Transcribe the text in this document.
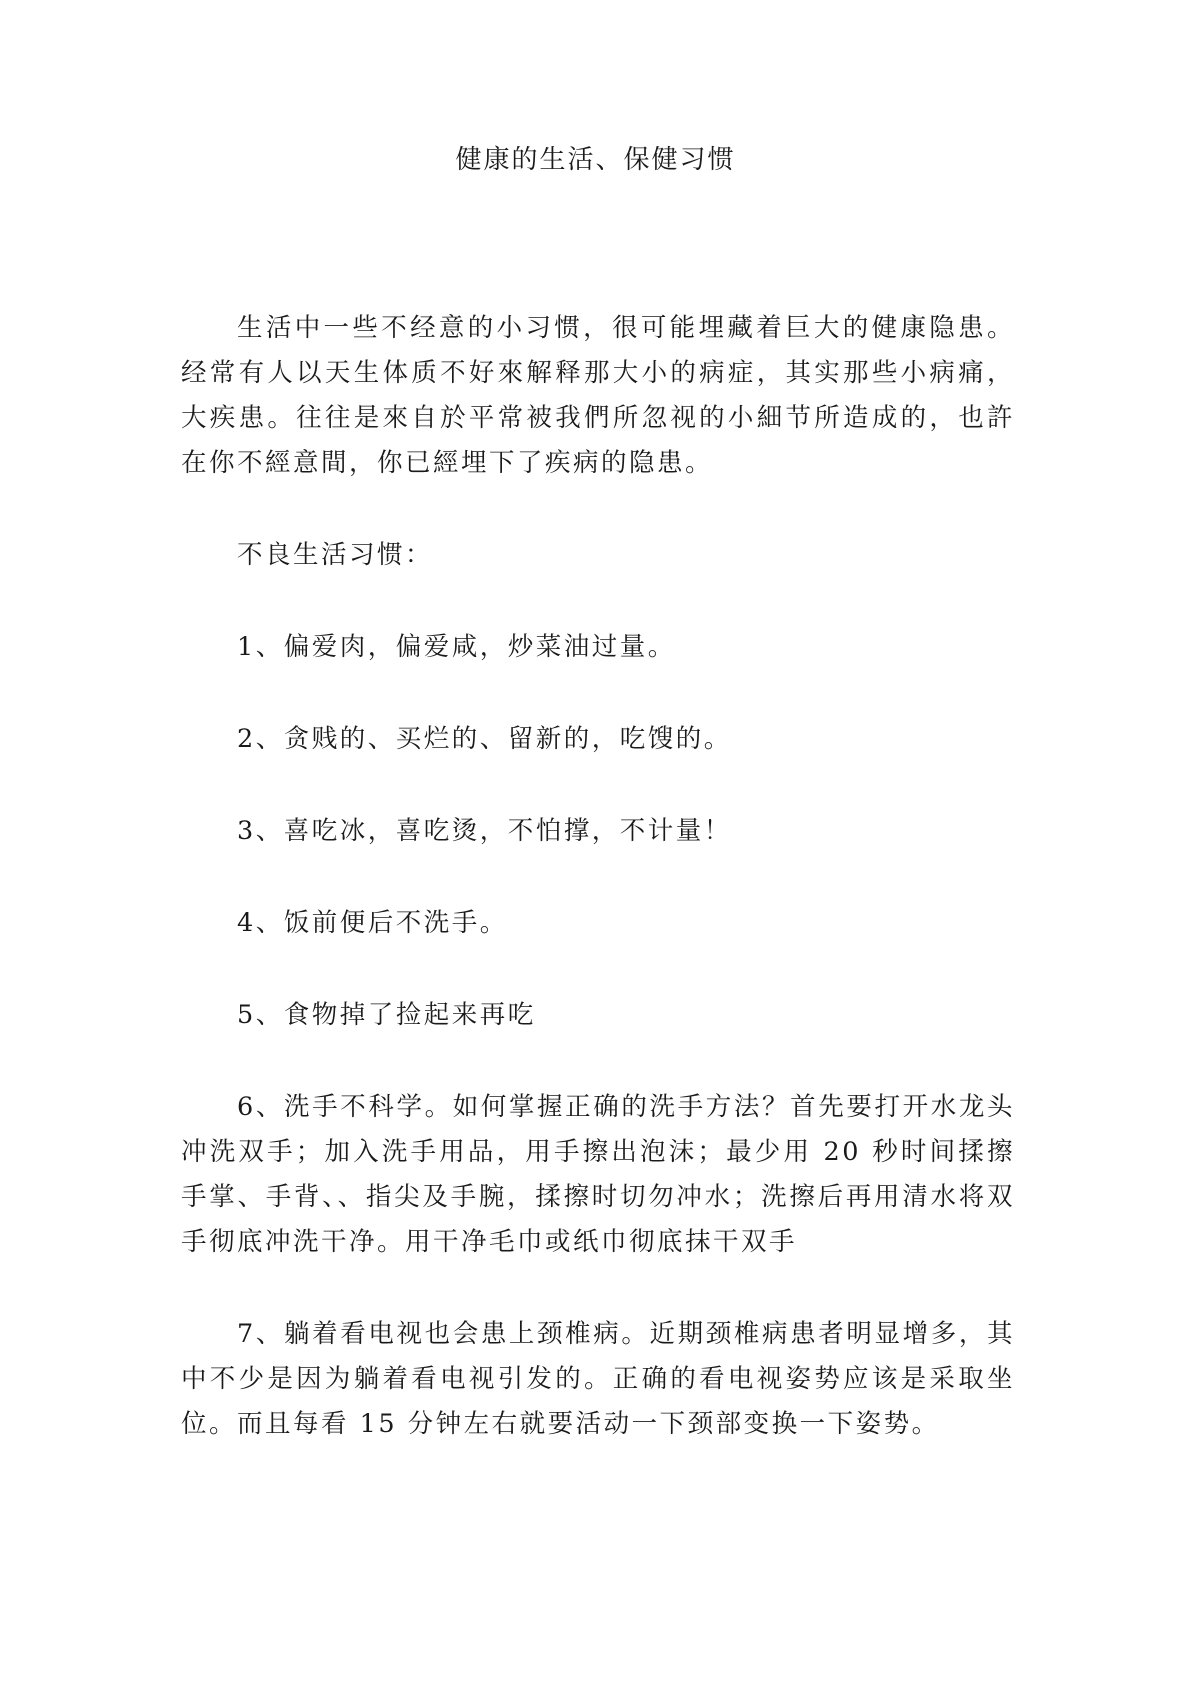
健康的生活、保健习惯

生活中一些不经意的小习惯，很可能埋藏着巨大的健康隐患。经常有人以天生体质不好來解释那大小的病症，其实那些小病痛，大疾患。往往是來自於平常被我們所忽视的小細节所造成的，也許在你不經意間，你已經埋下了疾病的隐患。

不良生活习惯：

1、偏爱肉，偏爱咸，炒菜油过量。

2、贪贱的、买烂的、留新的，吃馊的。

3、喜吃冰，喜吃烫，不怕撑，不计量！

4、饭前便后不洗手。

5、食物掉了捡起来再吃

6、洗手不科学。如何掌握正确的洗手方法？首先要打开水龙头冲洗双手；加入洗手用品，用手擦出泡沫；最少用 20 秒时间揉擦手掌、手背、、指尖及手腕，揉擦时切勿冲水；洗擦后再用清水将双手彻底冲洗干净。用干净毛巾或纸巾彻底抹干双手

7、躺着看电视也会患上颈椎病。近期颈椎病患者明显增多，其中不少是因为躺着看电视引发的。正确的看电视姿势应该是采取坐位。而且每看 15 分钟左右就要活动一下颈部变换一下姿势。
